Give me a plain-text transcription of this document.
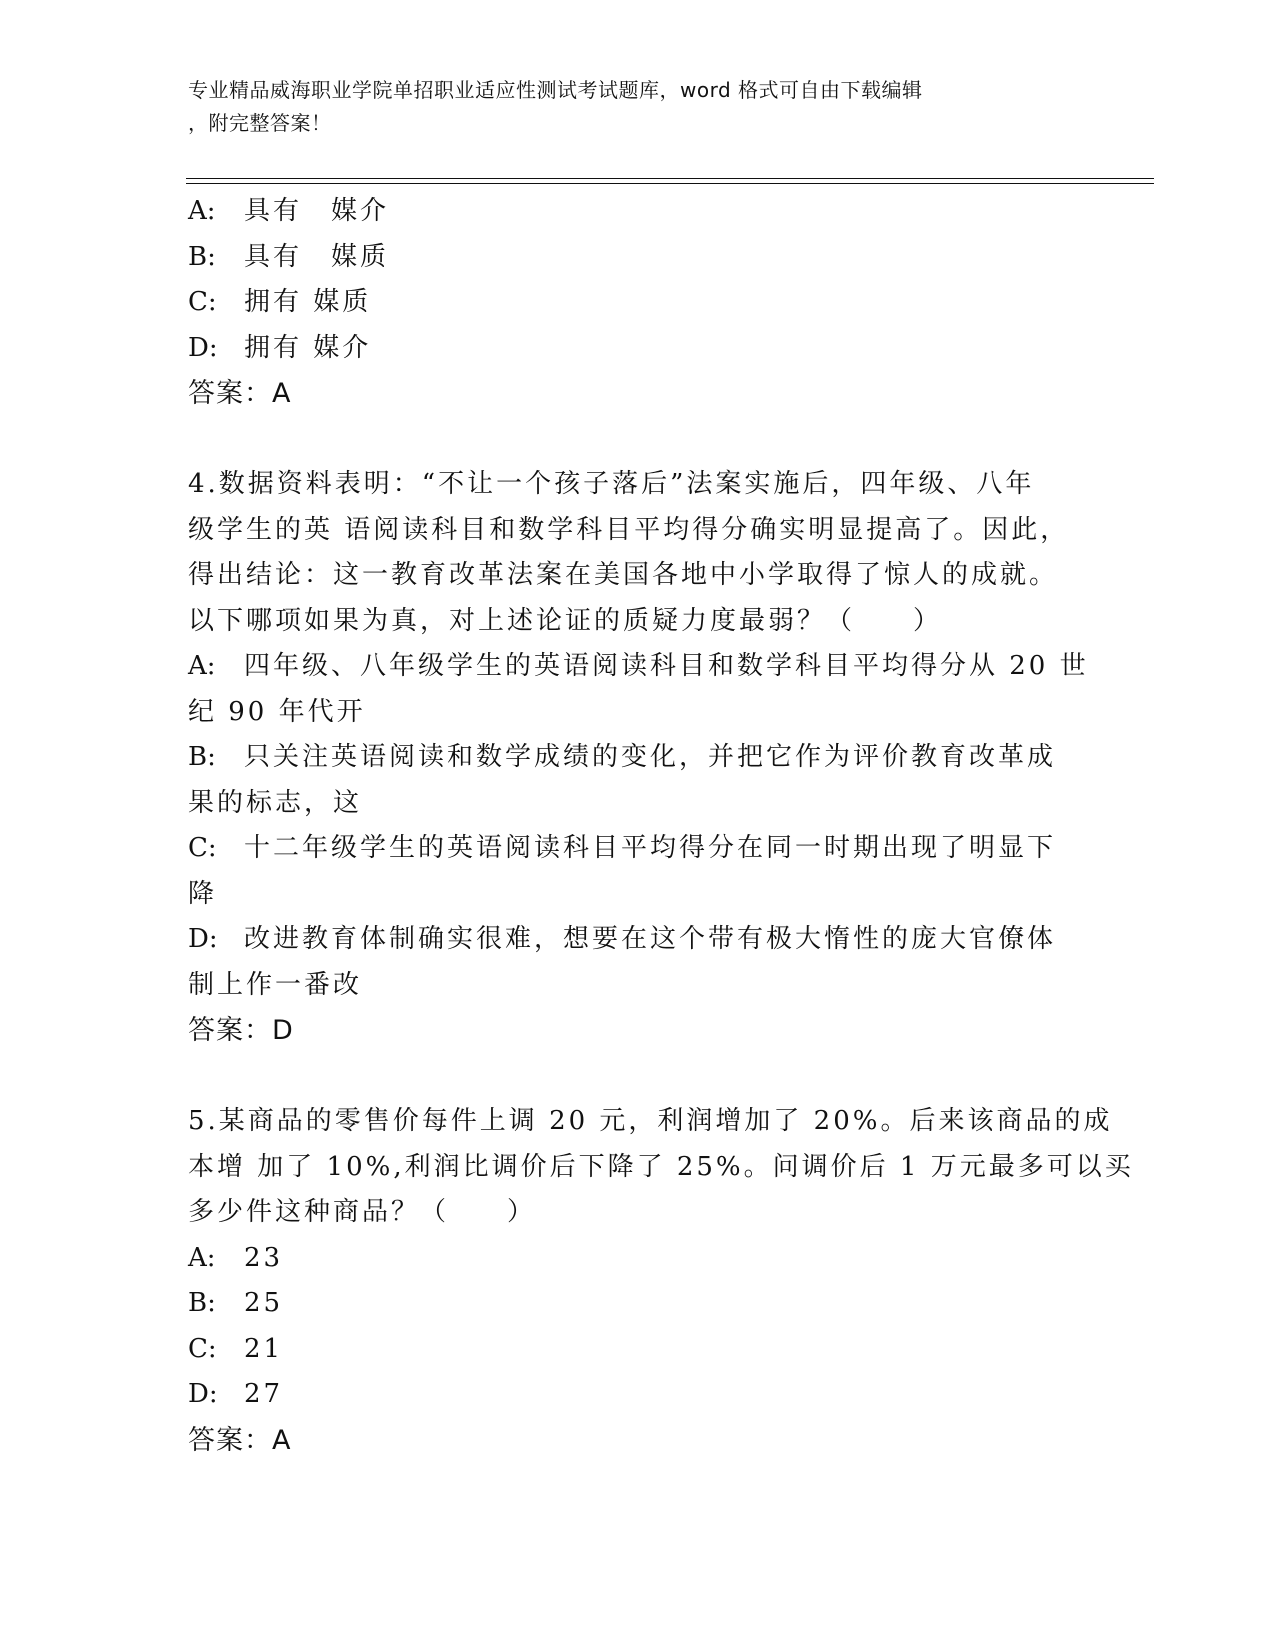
专业精品威海职业学院单招职业适应性测试考试题库，word 格式可自由下载编辑
，附完整答案！
A: 具有　媒介
B: 具有　媒质
C: 拥有 媒质
D: 拥有 媒介
答案：A
4.数据资料表明：“不让一个孩子落后”法案实施后，四年级、八年
级学生的英 语阅读科目和数学科目平均得分确实明显提高了。因此，
得出结论：这一教育改革法案在美国各地中小学取得了惊人的成就。
以下哪项如果为真，对上述论证的质疑力度最弱？（　　）
A: 四年级、八年级学生的英语阅读科目和数学科目平均得分从 20 世
纪 90 年代开
B: 只关注英语阅读和数学成绩的变化，并把它作为评价教育改革成
果的标志，这
C: 十二年级学生的英语阅读科目平均得分在同一时期出现了明显下
降
D: 改进教育体制确实很难，想要在这个带有极大惰性的庞大官僚体
制上作一番改
答案：D
5.某商品的零售价每件上调 20 元，利润增加了 20%。后来该商品的成
本增 加了 10%,利润比调价后下降了 25%。问调价后 1 万元最多可以买
多少件这种商品？（　　）
A: 23
B: 25
C: 21
D: 27
答案：A
